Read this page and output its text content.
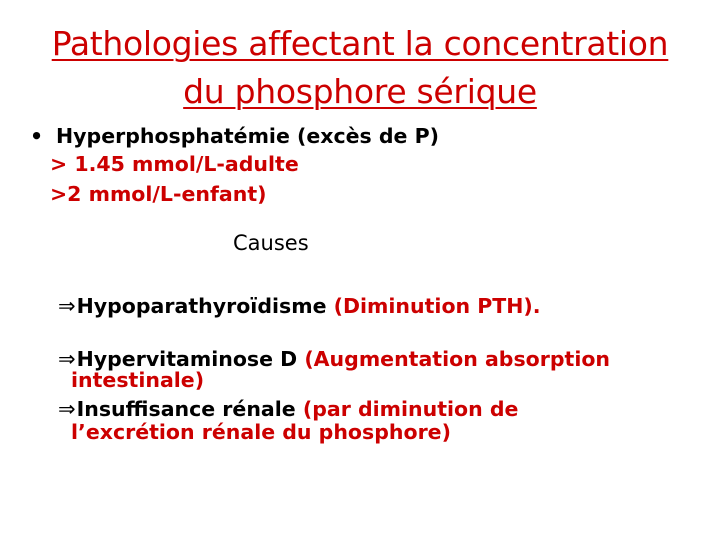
Pathologies affectant la concentration
du phosphore sérique
• Hyperphosphatémie (excès de P)
> 1.45 mmol/L-adulte
>2 mmol/L-enfant)
Causes
⇒Hypoparathyroïdisme (Diminution PTH).
⇒Hypervitaminose D (Augmentation absorption
intestinale)
⇒Insuffisance rénale (par diminution de
l’excrétion rénale du phosphore)
